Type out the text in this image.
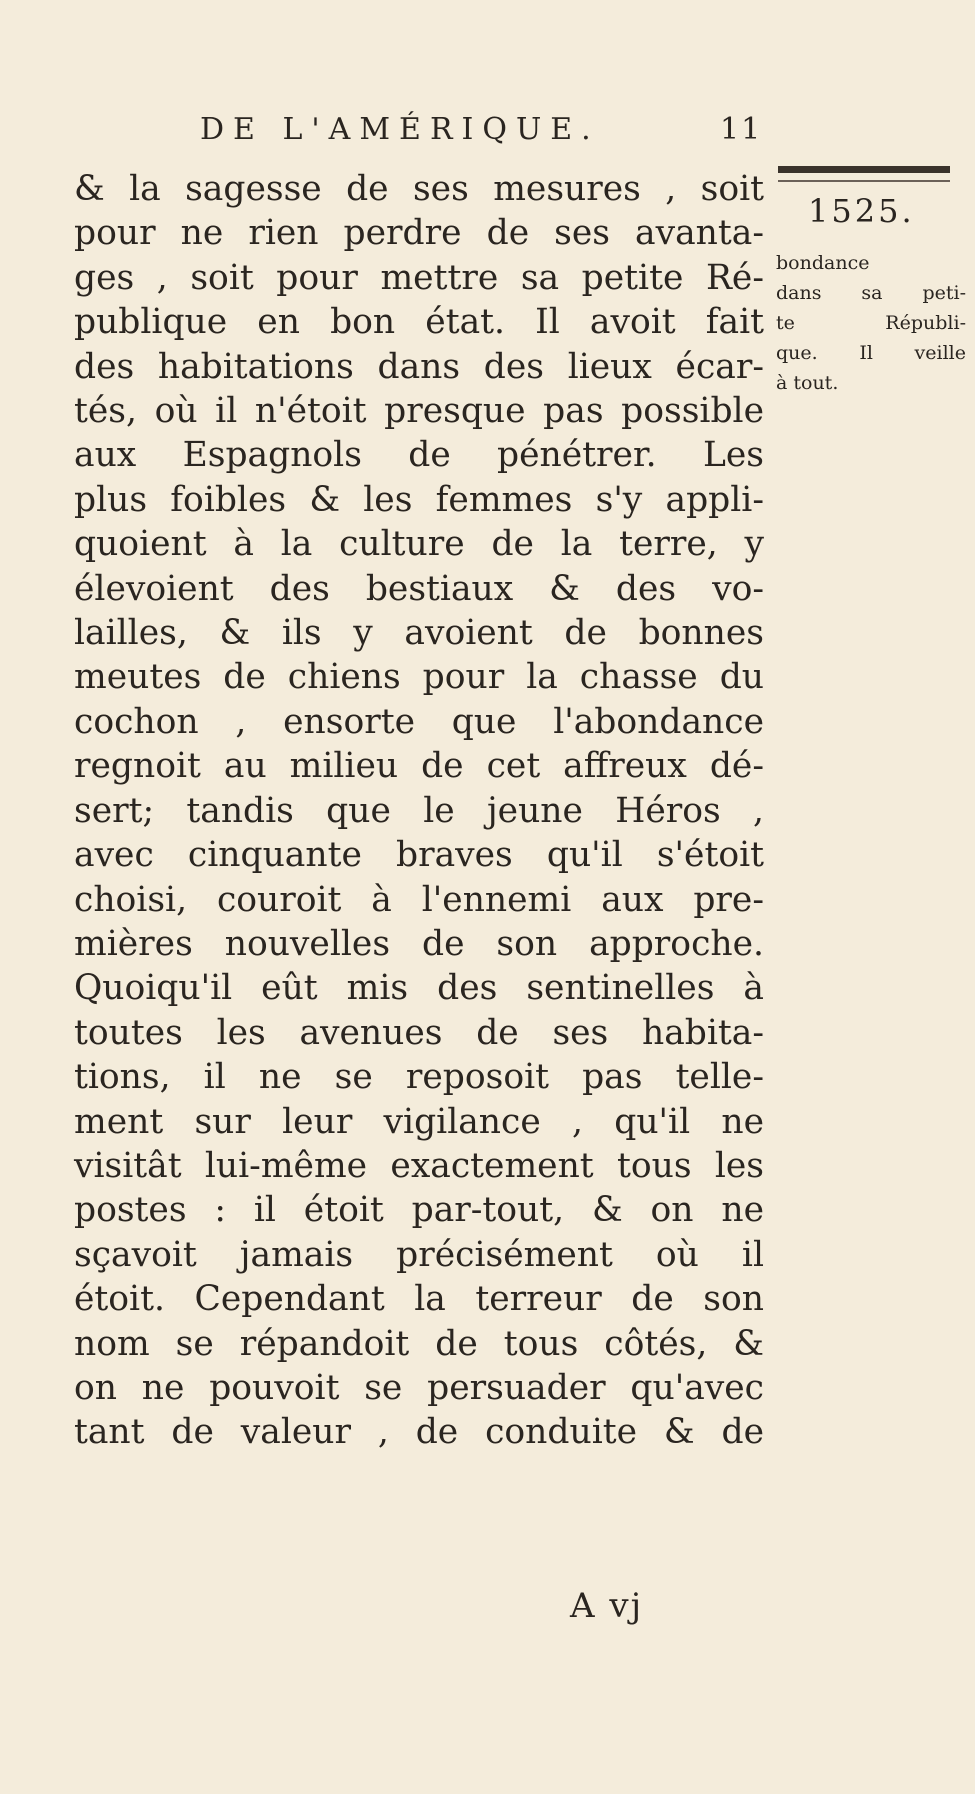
DE L'AMÉRIQUE.	11
1525.
bondance
dans sa peti-
te Républi-
que. Il veille
à tout.
& la sagesse de ses mesures , soit
pour ne rien perdre de ses avanta-
ges , soit pour mettre sa petite Ré-
publique en bon état. Il avoit fait
des habitations dans des lieux écar-
tés, où il n'étoit presque pas possible
aux Espagnols de pénétrer. Les
plus foibles & les femmes s'y appli-
quoient à la culture de la terre, y
élevoient des bestiaux & des vo-
lailles, & ils y avoient de bonnes
meutes de chiens pour la chasse du
cochon , ensorte que l'abondance
regnoit au milieu de cet affreux dé-
sert; tandis que le jeune Héros ,
avec cinquante braves qu'il s'étoit
choisi, couroit à l'ennemi aux pre-
mières nouvelles de son approche.
Quoiqu'il eût mis des sentinelles à
toutes les avenues de ses habita-
tions, il ne se reposoit pas telle-
ment sur leur vigilance , qu'il ne
visitât lui-même exactement tous les
postes : il étoit par-tout, & on ne
sçavoit jamais précisément où il
étoit. Cependant la terreur de son
nom se répandoit de tous côtés, &
on ne pouvoit se persuader qu'avec
tant de valeur , de conduite & de
A vj
